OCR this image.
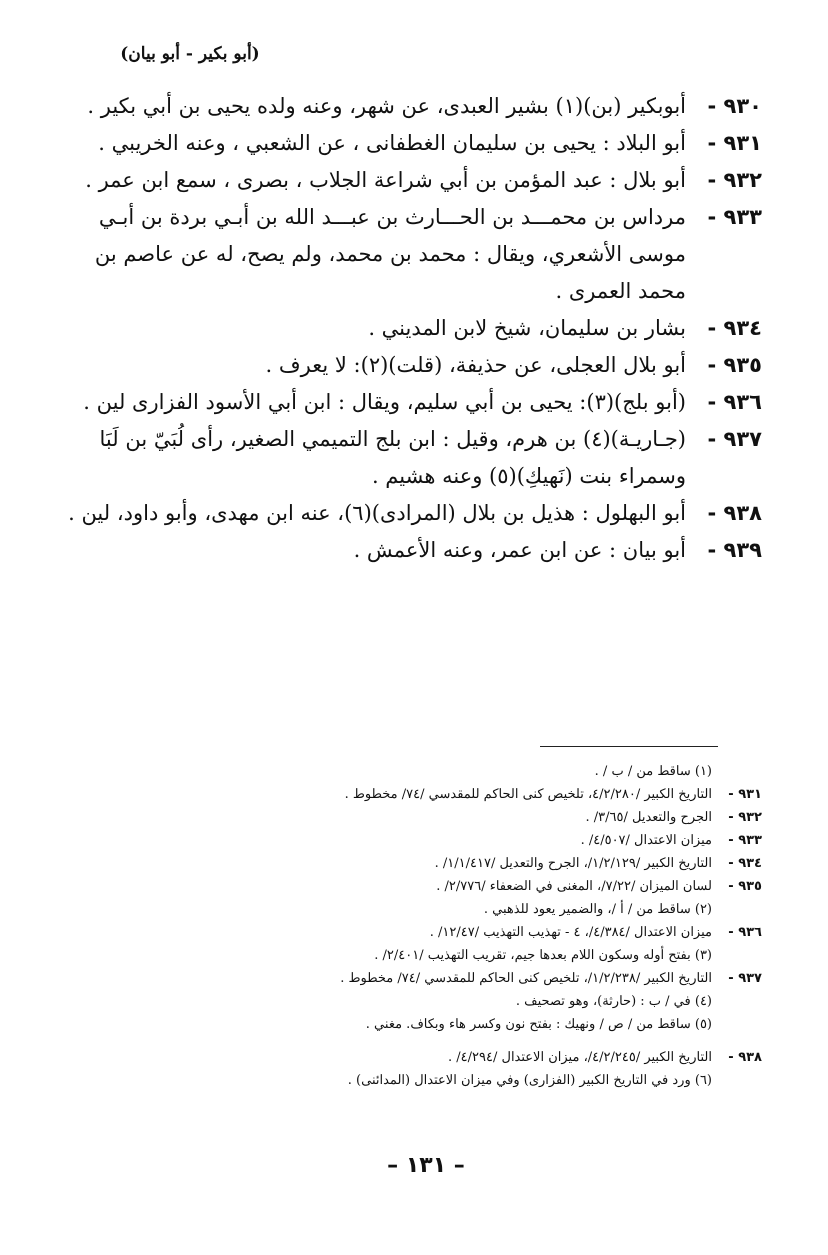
(أبو بكير - أبو بيان)
٩٣٠ -
أبوبكير (بن)(١) بشير العبدى، عن شهر، وعنه ولده يحيى بن أبي بكير .
٩٣١ -
أبو البلاد : يحيى بن سليمان الغطفانى ، عن الشعبي ، وعنه الخريبي .
٩٣٢ -
أبو بلال : عبد المؤمن بن أبي شراعة الجلاب ، بصرى ، سمع ابن عمر .
٩٣٣ -
مرداس بن محمـــد بن الحـــارث بن عبـــد الله بن أبـي بردة بن أبـي موسى الأشعري، ويقال : محمد بن محمد، ولم يصح، له عن عاصم بن محمد العمرى .
٩٣٤ -
بشار بن سليمان، شيخ لابن المديني .
٩٣٥ -
أبو بلال العجلى، عن حذيفة، (قلت)(٢): لا يعرف .
٩٣٦ -
(أبو بلج)(٣): يحيى بن أبي سليم، ويقال : ابن أبي الأسود الفزارى لين .
٩٣٧ -
(جـاريـة)(٤) بن هرم، وقيل : ابن بلج التميمي الصغير، رأى لُبَيّ بن لَبَا وسمراء بنت (نَهيكِ)(٥) وعنه هشيم .
٩٣٨ -
أبو البهلول : هذيل بن بلال (المرادى)(٦)، عنه ابن مهدى، وأبو داود، لين .
٩٣٩ -
أبو بيان : عن ابن عمر، وعنه الأعمش .
(١) ساقط من / ب / .
٩٣١ -
التاريخ الكبير /٤/٢/٢٨٠، تلخيص كنى الحاكم للمقدسي /٧٤/ مخطوط .
٩٣٢ -
الجرح والتعديل /٣/٦٥/ .
٩٣٣ -
ميزان الاعتدال /٤/٥٠٧/ .
٩٣٤ -
التاريخ الكبير /١/٢/١٢٩/، الجرح والتعديل /١/١/٤١٧/ .
٩٣٥ -
لسان الميزان /٧/٢٢/، المغنى في الضعفاء /٢/٧٧٦/ .
(٢) ساقط من / أ /، والضمير يعود للذهبي .
٩٣٦ -
ميزان الاعتدال /٤/٣٨٤/، ٤ - تهذيب التهذيب /١٢/٤٧/ .
(٣) بفتح أوله وسكون اللام بعدها جيم، تقريب التهذيب /٢/٤٠١/ .
٩٣٧ -
التاريخ الكبير /١/٢/٢٣٨/، تلخيص كنى الحاكم للمقدسي /٧٤/ مخطوط .
(٤) في / ب : (حارثة)، وهو تصحيف .
(٥) ساقط من / ص / ونهيك : بفتح نون وكسر هاء وبكاف. مغني .
٩٣٨ -
التاريخ الكبير /٤/٢/٢٤٥/، ميزان الاعتدال /٤/٢٩٤/ .
(٦) ورد في التاريخ الكبير (الفزارى) وفي ميزان الاعتدال (المدائنى) .
– ١٣١ –
